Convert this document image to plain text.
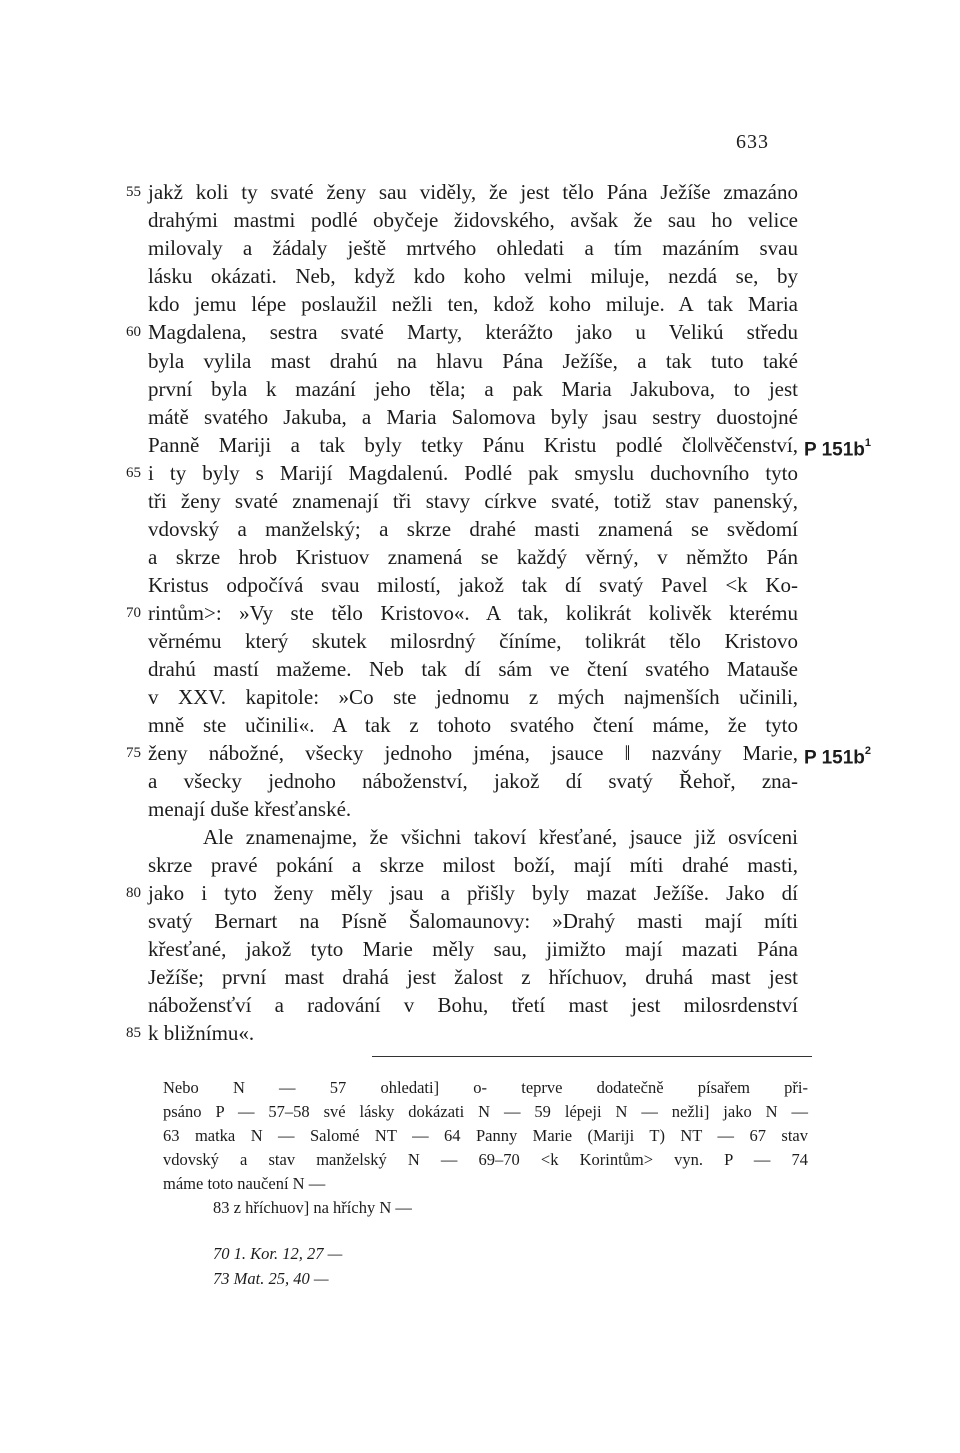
633
jakž koli ty svaté ženy sau viděly, že jest tělo Pána Ježíše zmazáno
drahými mastmi podlé obyčeje židovského, avšak že sau ho velice
milovaly a žádaly ještě mrtvého ohledati a tím mazáním svau
lásku okázati. Neb, když kdo koho velmi miluje, nezdá se, by
kdo jemu lépe poslaužil nežli ten, kdož koho miluje. A tak Maria
Magdalena, sestra svaté Marty, kterážto jako u Velikú středu
byla vylila mast drahú na hlavu Pána Ježíše, a tak tuto také
první byla k mazání jeho těla; a pak Maria Jakubova, to jest
mátě svatého Jakuba, a Maria Salomova byly jsau sestry duostojné
Panně Mariji a tak byly tetky Pánu Kristu podlé člo‖věčenství,
i ty byly s Marijí Magdalenú. Podlé pak smyslu duchovního tyto
tři ženy svaté znamenají tři stavy církve svaté, totiž stav panenský,
vdovský a manželský; a skrze drahé masti znamená se svědomí
a skrze hrob Kristuov znamená se každý věrný, v němžto Pán
Kristus odpočívá svau milostí, jakož tak dí svatý Pavel <k Ko-
rintům>: »Vy ste tělo Kristovo«. A tak, kolikrát kolivěk kterému
věrnému který skutek milosrdný číníme, tolikrát tělo Kristovo
drahú mastí mažeme. Neb tak dí sám ve čtení svatého Matauše
v XXV. kapitole: »Co ste jednomu z mých najmenších učinili,
mně ste učinili«. A tak z tohoto svatého čtení máme, že tyto
ženy nábožné, všecky jednoho jména, jsauce ‖ nazvány Marie,
a všecky jednoho náboženství, jakož dí svatý Řehoř, zna-
menají duše křesťanské.
Ale znamenajme, že všichni takoví křesťané, jsauce již osvíceni
skrze pravé pokání a skrze milost boží, mají míti drahé masti,
jako i tyto ženy měly jsau a přišly byly mazat Ježíše. Jako dí
svatý Bernart na Písně Šalomaunovy: »Drahý masti mají míti
křesťané, jakož tyto Marie měly sau, jimižto mají mazati Pána
Ježíše; první mast drahá jest žalost z hříchuov, druhá mast jest
nábožensťví a radování v Bohu, třetí mast jest milosrdenství
k bližnímu«.
55
60
65
70
75
80
85
P $151b^1$
P $151b^2$
Nebo N — 57 ohledati] o- teprve dodatečně písařem při-
psáno P — 57–58 své lásky dokázati N — 59 lépeji N — nežli] jako N —
63 matka N — Salomé NT — 64 Panny Marie (Mariji T) NT — 67 stav
vdovský a stav manželský N — 69–70 <k Korintům> vyn. P — 74
máme toto naučení N —
83 z hříchuov] na hříchy N —
70 1. Kor. 12, 27 —
73 Mat. 25, 40 —
